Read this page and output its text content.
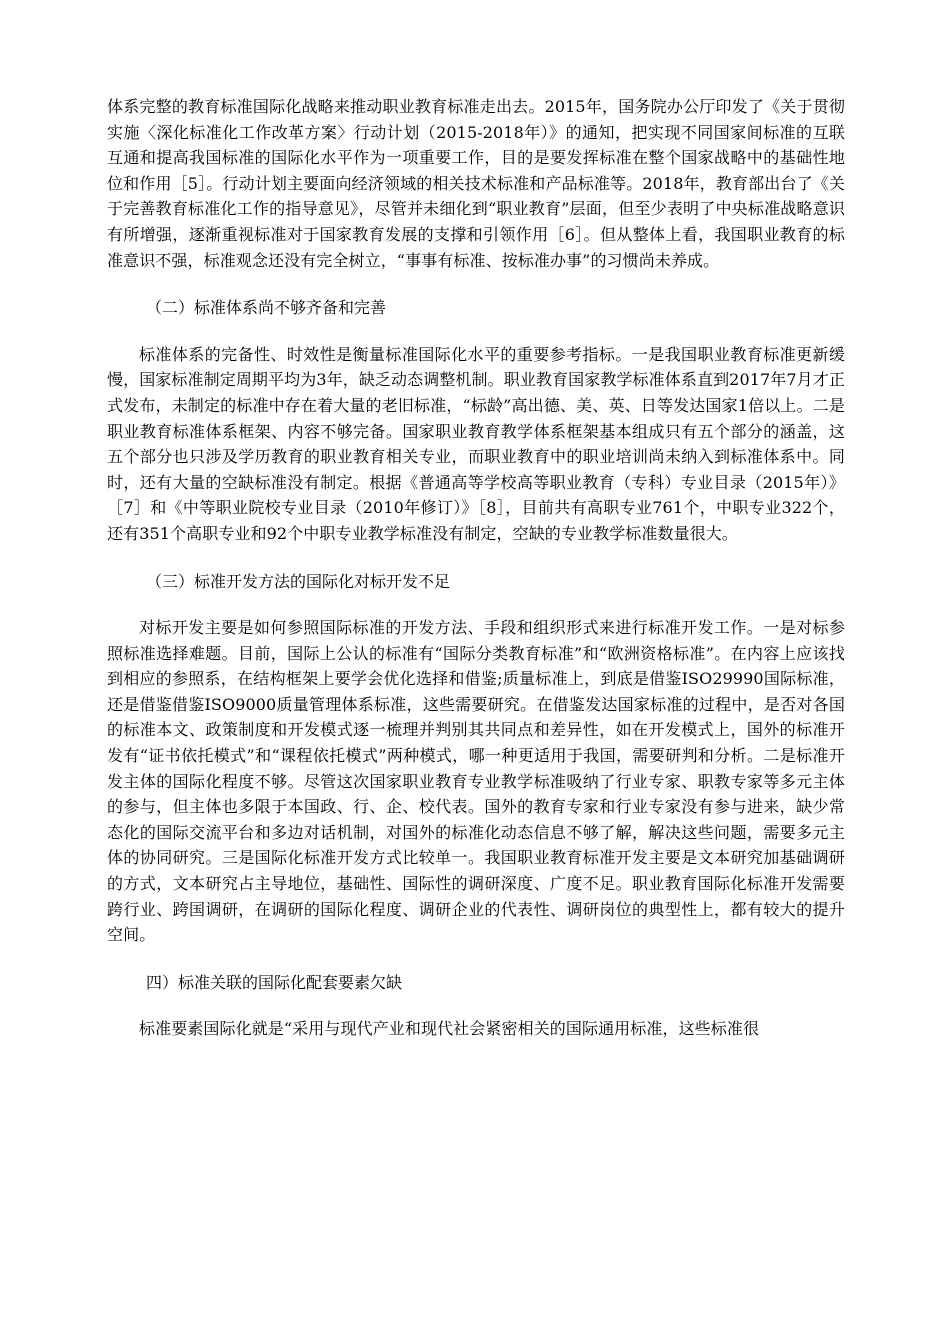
体系完整的教育标准国际化战略来推动职业教育标准走出去。2015年，国务院办公厅印发了《关于贯彻实施〈深化标准化工作改革方案〉行动计划（2015-2018年）》的通知，把实现不同国家间标准的互联互通和提高我国标准的国际化水平作为一项重要工作，目的是要发挥标准在整个国家战略中的基础性地位和作用［5］。行动计划主要面向经济领域的相关技术标准和产品标准等。2018年，教育部出台了《关于完善教育标准化工作的指导意见》，尽管并未细化到“职业教育”层面，但至少表明了中央标准战略意识有所增强，逐渐重视标准对于国家教育发展的支撑和引领作用［6］。但从整体上看，我国职业教育的标准意识不强，标准观念还没有完全树立，“事事有标准、按标准办事”的习惯尚未养成。

（二）标准体系尚不够齐备和完善

标准体系的完备性、时效性是衡量标准国际化水平的重要参考指标。一是我国职业教育标准更新缓慢，国家标准制定周期平均为3年，缺乏动态调整机制。职业教育国家教学标准体系直到2017年7月才正式发布，未制定的标准中存在着大量的老旧标准，“标龄”高出德、美、英、日等发达国家1倍以上。二是职业教育标准体系框架、内容不够完备。国家职业教育教学体系框架基本组成只有五个部分的涵盖，这五个部分也只涉及学历教育的职业教育相关专业，而职业教育中的职业培训尚未纳入到标准体系中。同时，还有大量的空缺标准没有制定。根据《普通高等学校高等职业教育（专科）专业目录（2015年）》［7］和《中等职业院校专业目录（2010年修订）》［8］，目前共有高职专业761个，中职专业322个，还有351个高职专业和92个中职专业教学标准没有制定，空缺的专业教学标准数量很大。

（三）标准开发方法的国际化对标开发不足

对标开发主要是如何参照国际标准的开发方法、手段和组织形式来进行标准开发工作。一是对标参照标准选择难题。目前，国际上公认的标准有“国际分类教育标准”和“欧洲资格标准”。在内容上应该找到相应的参照系，在结构框架上要学会优化选择和借鉴;质量标准上，到底是借鉴ISO29990国际标准，还是借鉴借鉴ISO9000质量管理体系标准，这些需要研究。在借鉴发达国家标准的过程中，是否对各国的标准本文、政策制度和开发模式逐一梳理并判别其共同点和差异性，如在开发模式上，国外的标准开发有“证书依托模式”和“课程依托模式”两种模式，哪一种更适用于我国，需要研判和分析。二是标准开发主体的国际化程度不够。尽管这次国家职业教育专业教学标准吸纳了行业专家、职教专家等多元主体的参与，但主体也多限于本国政、行、企、校代表。国外的教育专家和行业专家没有参与进来，缺少常态化的国际交流平台和多边对话机制，对国外的标准化动态信息不够了解，解决这些问题，需要多元主体的协同研究。三是国际化标准开发方式比较单一。我国职业教育标准开发主要是文本研究加基础调研的方式，文本研究占主导地位，基础性、国际性的调研深度、广度不足。职业教育国际化标准开发需要跨行业、跨国调研，在调研的国际化程度、调研企业的代表性、调研岗位的典型性上，都有较大的提升空间。

四）标准关联的国际化配套要素欠缺

标准要素国际化就是“采用与现代产业和现代社会紧密相关的国际通用标准，这些标准很
